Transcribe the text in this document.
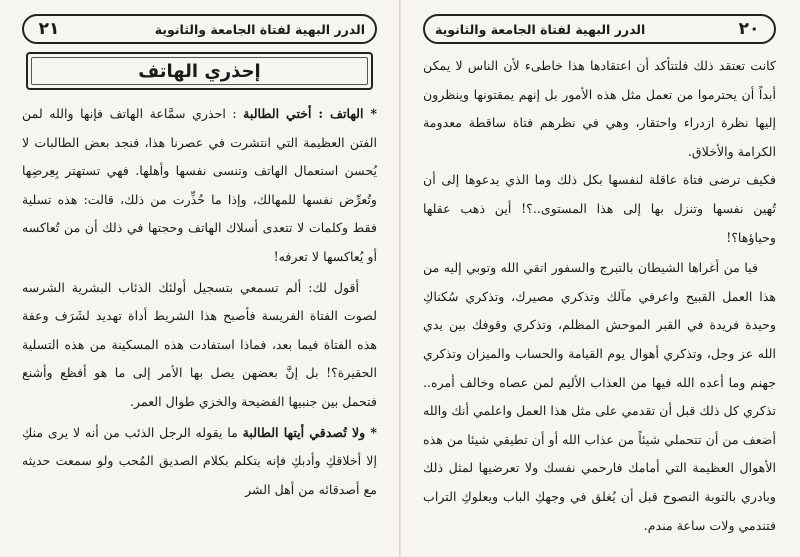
٢١	الدرر البهية لفتاة الجامعة والثانوية
إحذري الهاتف

* الهاتف : أختي الطالبة : احذري سمَّاعة الهاتف فإنها والله لمن الفتن العظيمة التي انتشرت في عصرنا هذا، فنجد بعض الطالبات لا يُحسن استعمال الهاتف وتنسى نفسها وأهلها. فهي تستهتر بِعِرضِها وتُعرِّض نفسها للمهالك، وإذا ما حُذِّرت من ذلك، قالت: هذه تسلية فقط وكلمات لا تتعدى أسلاك الهاتف وحجتها في ذلك أن من تُعاكسه أو يُعاكسها لا تعرفه!

أقول لك: ألم تسمعي بتسجيل أولئك الذئاب البشرية الشرسه لصوت الفتاة الفريسة فأصبح هذا الشريط أداة تهديد لشَرَف وعفة هذه الفتاة فيما بعد، فماذا استفادت هذه المسكينة من هذه التسلية الحقيرة؟! بل إنَّ بعضهن يصل بها الأمر إلى ما هو أفظع وأشنع فتحمل بين جنبيها الفضيحة والخزي طوال العمر.

* ولا تُصدقي أيتها الطالبة ما يقوله الرجل الذئب من أنه لا يرى منكِ إلا أخلاقكِ وأدبكِ فإنه يتكلم بكلام الصديق المُحب ولو سمعت حديثه مع أصدقائه من أهل الشر

الدرر البهية لفتاة الجامعة والثانوية	٢٠

كانت تعتقد ذلك فلتتأكد أن اعتقادها هذا خاطىء لأن الناس لا يمكن أبداً أن يحترموا من تعمل مثل هذه الأمور بل إنهم يمقتونها وينظرون إليها نظرة ازدراء واحتقار، وهي في نظرهم فتاة ساقطة معدومة الكرامة والأخلاق.

فكيف ترضى فتاة عاقلة لنفسها بكل ذلك وما الذي يدعوها إلى أن تُهين نفسها وتنزل بها إلى هذا المستوى..؟! أين ذهب عقلها وحياؤها؟!

فيا من أغراها الشيطان بالتبرج والسفور اتقي الله وتوبي إليه من هذا العمل القبيح واعرفي مآلك وتذكري مصيرك، وتذكري سُكناكِ وحيدة فريدة في القبر الموحش المظلم، وتذكري وقوفك بين يدي الله عز وجل، وتذكري أهوال يوم القيامة والحساب والميزان وتذكري جهنم وما أعده الله فيها من العذاب الأليم لمن عصاه وخالف أمره.. تذكري كل ذلك قبل أن تقدمي على مثل هذا العمل واعلمي أنك والله أضعف من أن تتحملي شيئاً من عذاب الله أو أن تطيقي شيئا من هذه الأهوال العظيمة التي أمامك فارحمي نفسك ولا تعرضيها لمثل ذلك وبادري بالتوبة النصوح قبل أن يُغلق في وجهكِ الباب ويعلوكِ التراب فتندمي ولات ساعة مندم.
